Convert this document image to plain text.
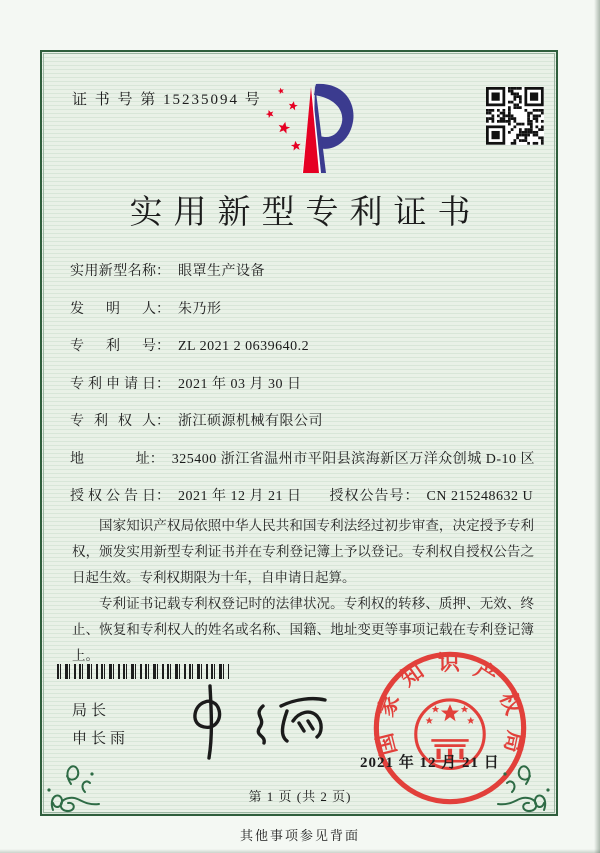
证 书 号 第 15235094 号
实用新型专利证书
实用新型名称 ： 眼罩生产设备
发明人 ： 朱乃形
专利号 ： ZL 2021 2 0639640.2
专利申请日 ： 2021 年 03 月 30 日
专利权人 ： 浙江硕源机械有限公司
地址 ： 325400 浙江省温州市平阳县滨海新区万洋众创城 D-10 区
授权公告日 ： 2021 年 12 月 21 日 授权公告号 ： CN 215248632 U

国家知识产权局依照中华人民共和国专利法经过初步审查，决定授予专利权，颁发实用新型专利证书并在专利登记簿上予以登记。专利权自授权公告之日起生效。专利权期限为十年，自申请日起算。

专利证书记载专利权登记时的法律状况。专利权的转移、质押、无效、终止、恢复和专利权人的姓名或名称、国籍、地址变更等事项记载在专利登记簿上。

局长
申长雨	国家知识产权局
2021 年 12 月 21 日
第 1 页 (共 2 页)
其他事项参见背面
